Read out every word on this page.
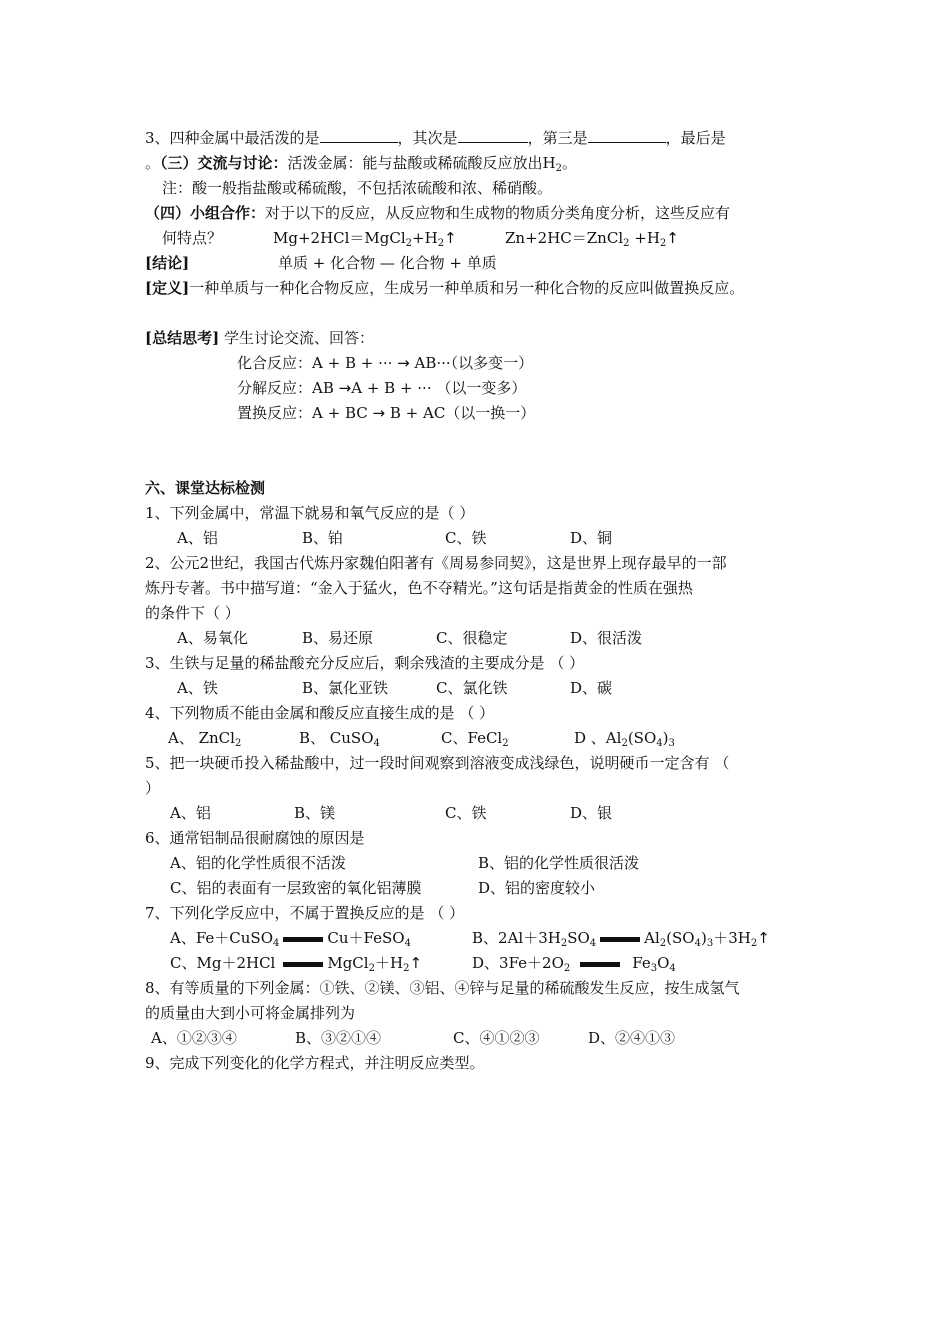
3、四种金属中最活泼的是	，其次是	，第三是	，最后是
。（三）交流与讨论：活泼金属：能与盐酸或稀硫酸反应放出$H_2$。
注：酸一般指盐酸或稀硫酸，不包括浓硫酸和浓、稀硝酸。
（四）小组合作：对于以下的反应，从反应物和生成物的物质分类角度分析，这些反应有
何特点？	$Mg+2HCl=MgCl_2+H_2↑$	Zn+2HC＝ZnCl$_2$ $+H_2↑$
[结论]	单质 + 化合物 — 化合物 + 单质
[定义]一种单质与一种化合物反应，生成另一种单质和另一种化合物的反应叫做置换反应。
[总结思考] 学生讨论交流、回答：
化合反应：A + B + ··· → AB···（以多变一）
分解反应：AB →A + B + ··· （以一变多）
置换反应：A + BC → B + AC（以一换一）
六、课堂达标检测
1、下列金属中，常温下就易和氧气反应的是（ ）
A、铝	B、铂	C、铁	D、铜
2、公元2世纪，我国古代炼丹家魏伯阳著有《周易参同契》，这是世界上现存最早的一部
炼丹专著。书中描写道：“金入于猛火，色不夺精光。”这句话是指黄金的性质在强热
的条件下（ ）
A、易氧化	B、易还原	C、很稳定	D、很活泼
3、生铁与足量的稀盐酸充分反应后，剩余残渣的主要成分是 （ ）
A、铁	B、氯化亚铁	C、氯化铁	D、碳
4、下列物质不能由金属和酸反应直接生成的是 （ ）
A、 ZnCl$_2$	B、 CuSO$_4$	C、FeCl$_2$	D 、$Al_2(SO_4)_3$
5、把一块硬币投入稀盐酸中，过一段时间观察到溶液变成浅绿色，说明硬币一定含有 （
）
A、铝	B、镁	C、铁	D、银
6、通常铝制品很耐腐蚀的原因是
A、铝的化学性质很不活泼	B、铝的化学性质很活泼
C、铝的表面有一层致密的氧化铝薄膜	D、铝的密度较小
7、下列化学反应中，不属于置换反应的是 （ ）
A、Fe＋CuSO$_4$	Cu＋FeSO$_4$	B、$2Al+3H_2SO_4$	$Al_2(SO_4)_3+3H_2↑$
C、Mg＋2HCl	$MgCl_2+H_2↑$	D、$3Fe+2O_2$	$Fe_3O_4$
8、有等质量的下列金属：①铁、②镁、③铝、④锌与足量的稀硫酸发生反应，按生成氢气
的质量由大到小可将金属排列为
A、①②③④	B、③②①④	C、④①②③	D、②④①③
9、完成下列变化的化学方程式，并注明反应类型。
